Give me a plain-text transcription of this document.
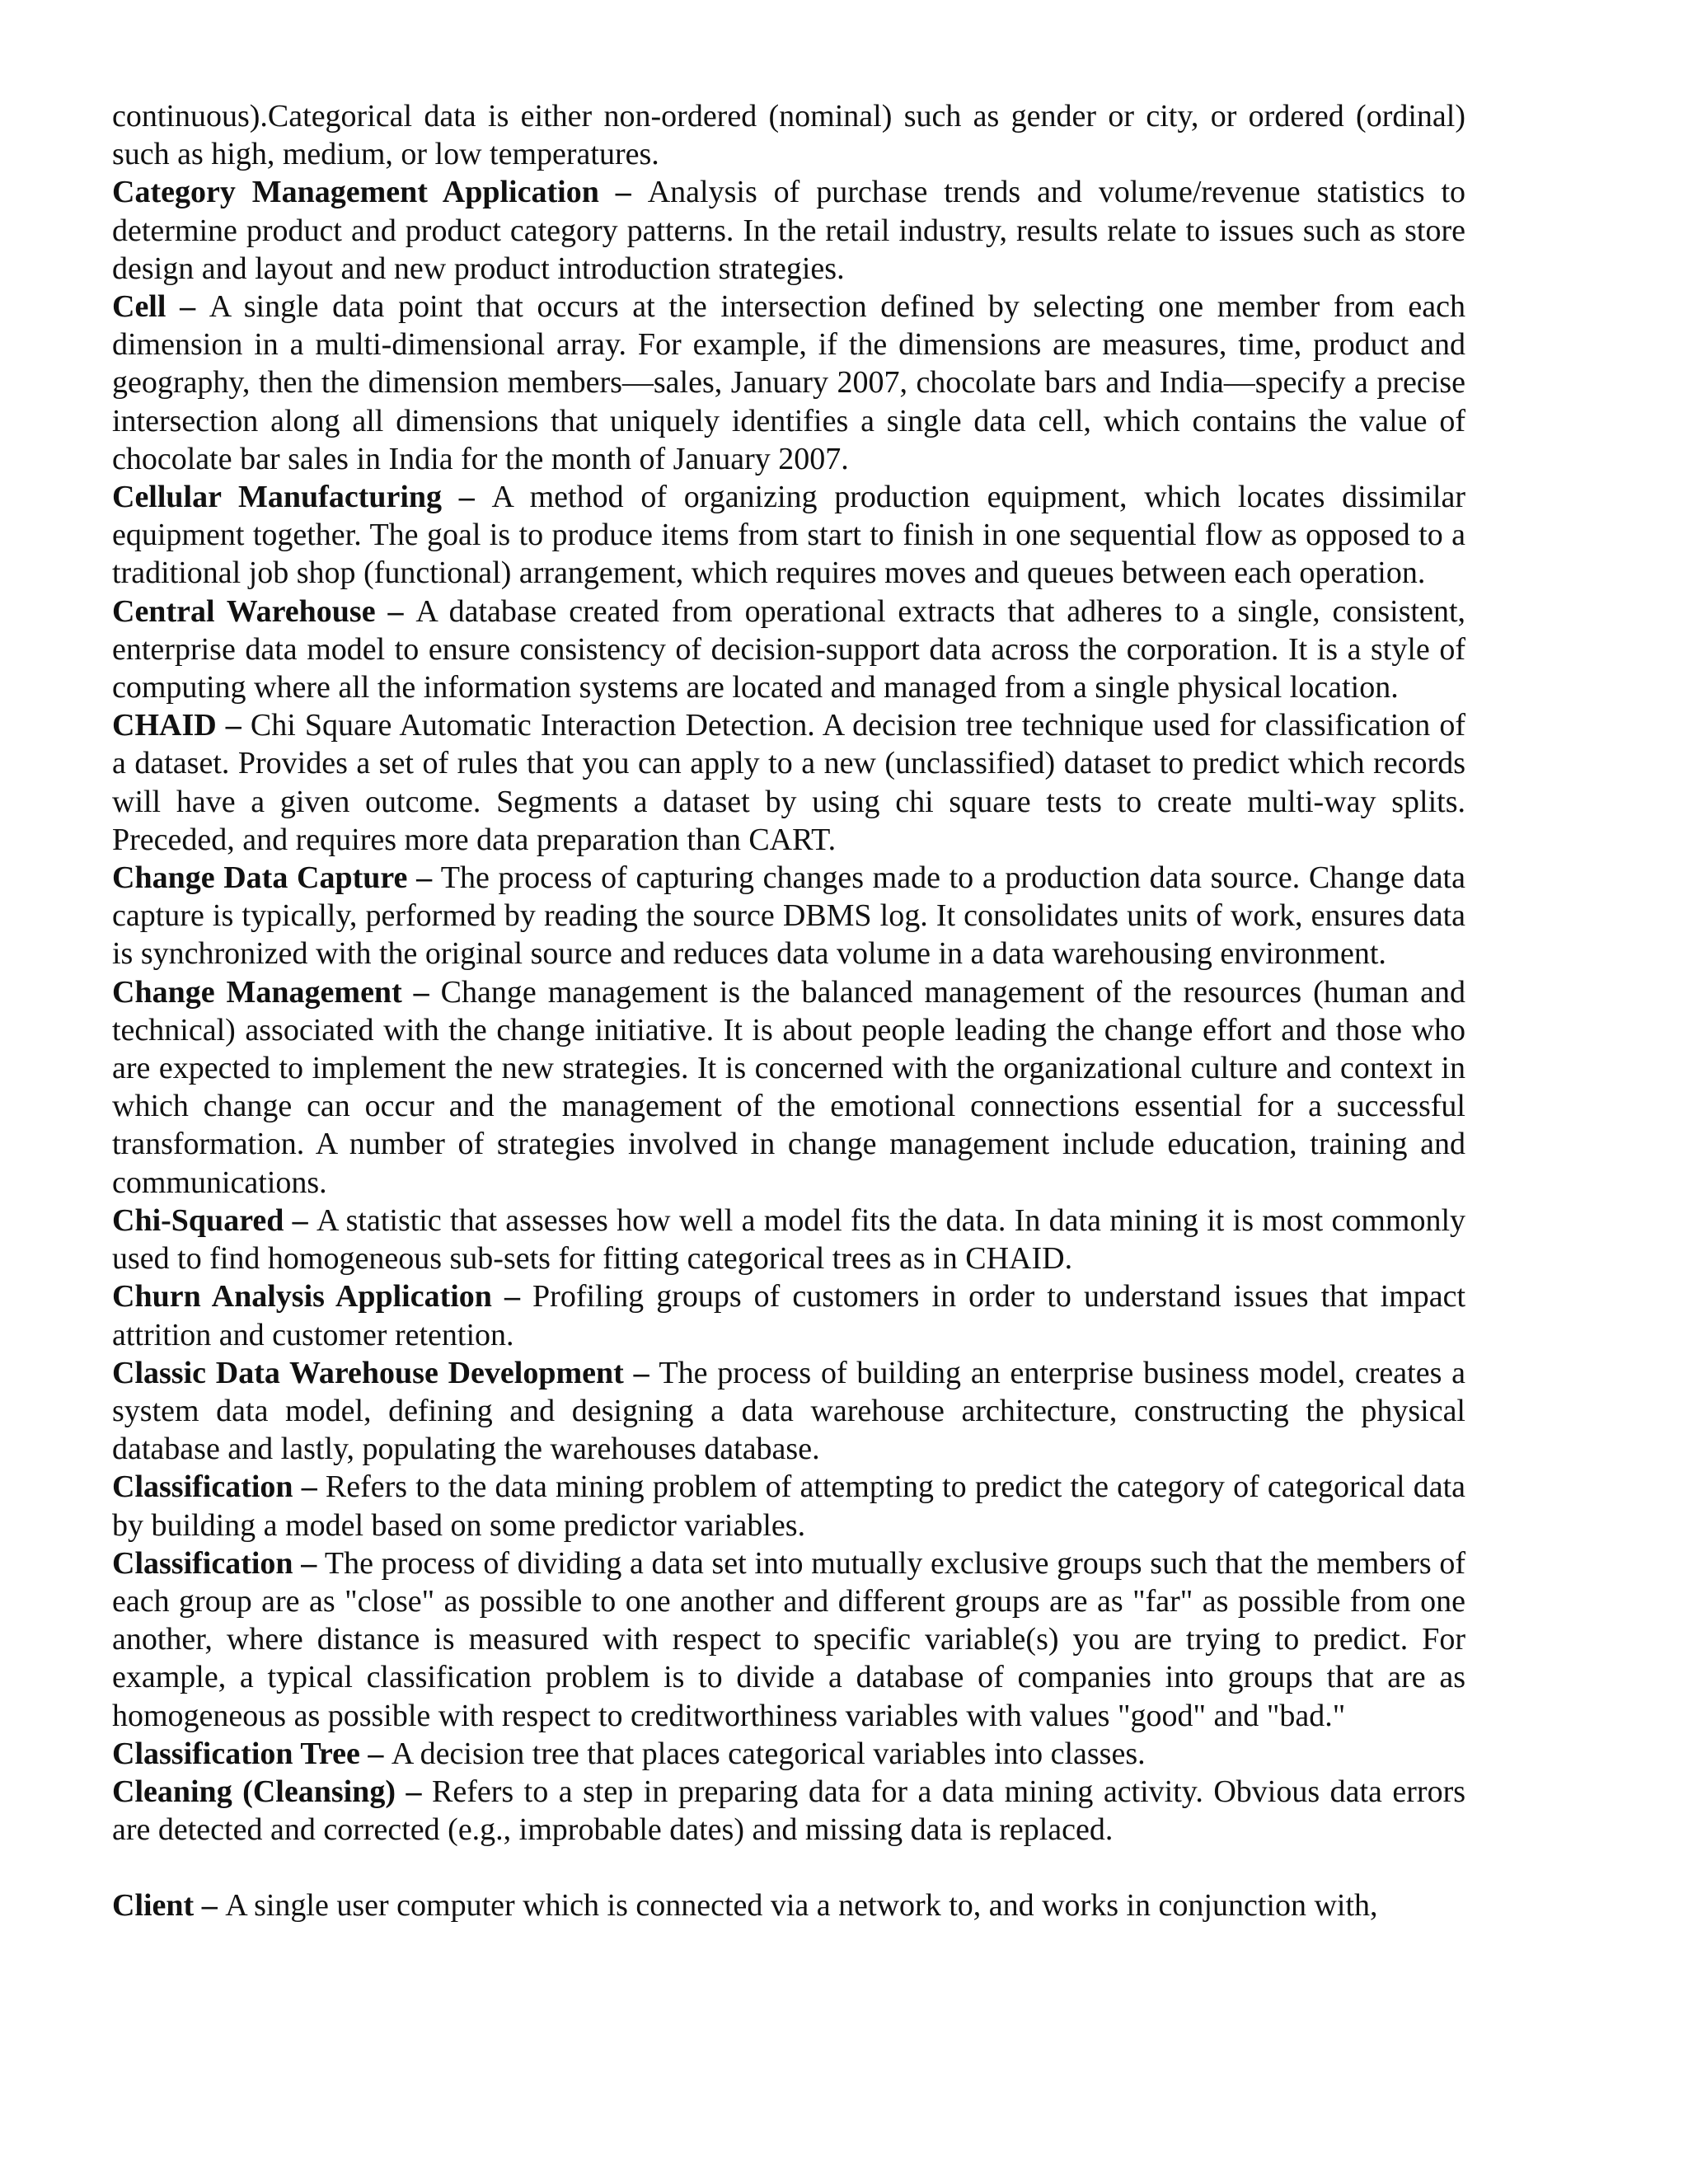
continuous).Categorical data is either non-ordered (nominal) such as gender or city, or ordered (ordinal) such as high, medium, or low temperatures.

Category Management Application – Analysis of purchase trends and volume/revenue statistics to determine product and product category patterns. In the retail industry, results relate to issues such as store design and layout and new product introduction strategies.

Cell – A single data point that occurs at the intersection defined by selecting one member from each dimension in a multi-dimensional array. For example, if the dimensions are measures, time, product and geography, then the dimension members—sales, January 2007, chocolate bars and India—specify a precise intersection along all dimensions that uniquely identifies a single data cell, which contains the value of chocolate bar sales in India for the month of January 2007.

Cellular Manufacturing – A method of organizing production equipment, which locates dissimilar equipment together. The goal is to produce items from start to finish in one sequential flow as opposed to a traditional job shop (functional) arrangement, which requires moves and queues between each operation.

Central Warehouse – A database created from operational extracts that adheres to a single, consistent, enterprise data model to ensure consistency of decision-support data across the corporation. It is a style of computing where all the information systems are located and managed from a single physical location.

CHAID – Chi Square Automatic Interaction Detection. A decision tree technique used for classification of a dataset. Provides a set of rules that you can apply to a new (unclassified) dataset to predict which records will have a given outcome. Segments a dataset by using chi square tests to create multi-way splits. Preceded, and requires more data preparation than CART.

Change Data Capture – The process of capturing changes made to a production data source. Change data capture is typically, performed by reading the source DBMS log. It consolidates units of work, ensures data is synchronized with the original source and reduces data volume in a data warehousing environment.

Change Management – Change management is the balanced management of the resources (human and technical) associated with the change initiative. It is about people leading the change effort and those who are expected to implement the new strategies. It is concerned with the organizational culture and context in which change can occur and the management of the emotional connections essential for a successful transformation. A number of strategies involved in change management include education, training and communications.

Chi-Squared – A statistic that assesses how well a model fits the data. In data mining it is most commonly used to find homogeneous sub-sets for fitting categorical trees as in CHAID.

Churn Analysis Application – Profiling groups of customers in order to understand issues that impact attrition and customer retention.

Classic Data Warehouse Development – The process of building an enterprise business model, creates a system data model, defining and designing a data warehouse architecture, constructing the physical database and lastly, populating the warehouses database.

Classification – Refers to the data mining problem of attempting to predict the category of categorical data by building a model based on some predictor variables.

Classification – The process of dividing a data set into mutually exclusive groups such that the members of each group are as "close" as possible to one another and different groups are as "far" as possible from one another, where distance is measured with respect to specific variable(s) you are trying to predict. For example, a typical classification problem is to divide a database of companies into groups that are as homogeneous as possible with respect to creditworthiness variables with values "good" and "bad."

Classification Tree – A decision tree that places categorical variables into classes.

Cleaning (Cleansing) – Refers to a step in preparing data for a data mining activity. Obvious data errors are detected and corrected (e.g., improbable dates) and missing data is replaced.

Client – A single user computer which is connected via a network to, and works in conjunction with,
